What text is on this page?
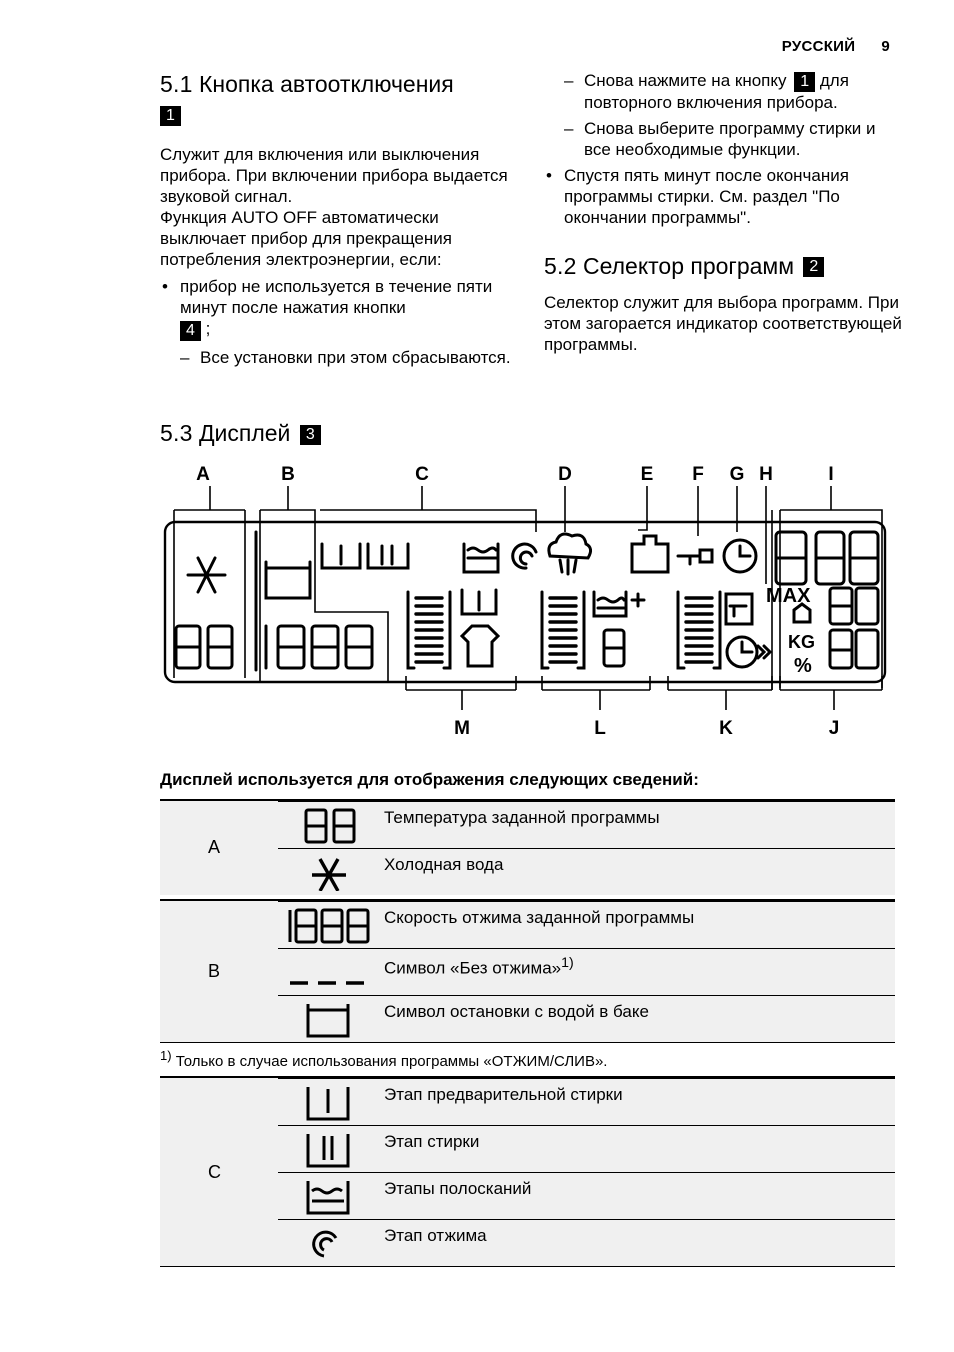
РУССКИЙ 9
5.1 Кнопка автоотключения
1

Служит для включения или выключения прибора. При включении прибора выдается звуковой сигнал.

Функция AUTO OFF автоматически выключает прибор для прекращения потребления электроэнергии, если:

• прибор не используется в течение пяти минут после нажатия кнопки
4 ;
– Все установки при этом сбрасываются.
– Снова нажмите на кнопку 1 для повторного включения прибора.
– Снова выберите программу стирки и все необходимые функции.
• Спустя пять минут после окончания программы стирки. См. раздел "По окончании программы".
5.2 Селектор программ 2

Селектор служит для выбора программ. При этом загорается индикатор соответствующей программы.

5.3 Дисплей 3
A	B	C	D	E F G H	I
M	L	K	J
MAX
KG
%
Дисплей используется для отображения следующих сведений:
A
Температура заданной программы
Холодная вода
B
Скорость отжима заданной программы
Символ «Без отжима»$^{1)}$
Символ остановки с водой в баке
$^{1)}$ Только в случае использования программы «ОТЖИМ/СЛИВ».
C
Этап предварительной стирки
Этап стирки
Этапы полосканий
Этап отжима
